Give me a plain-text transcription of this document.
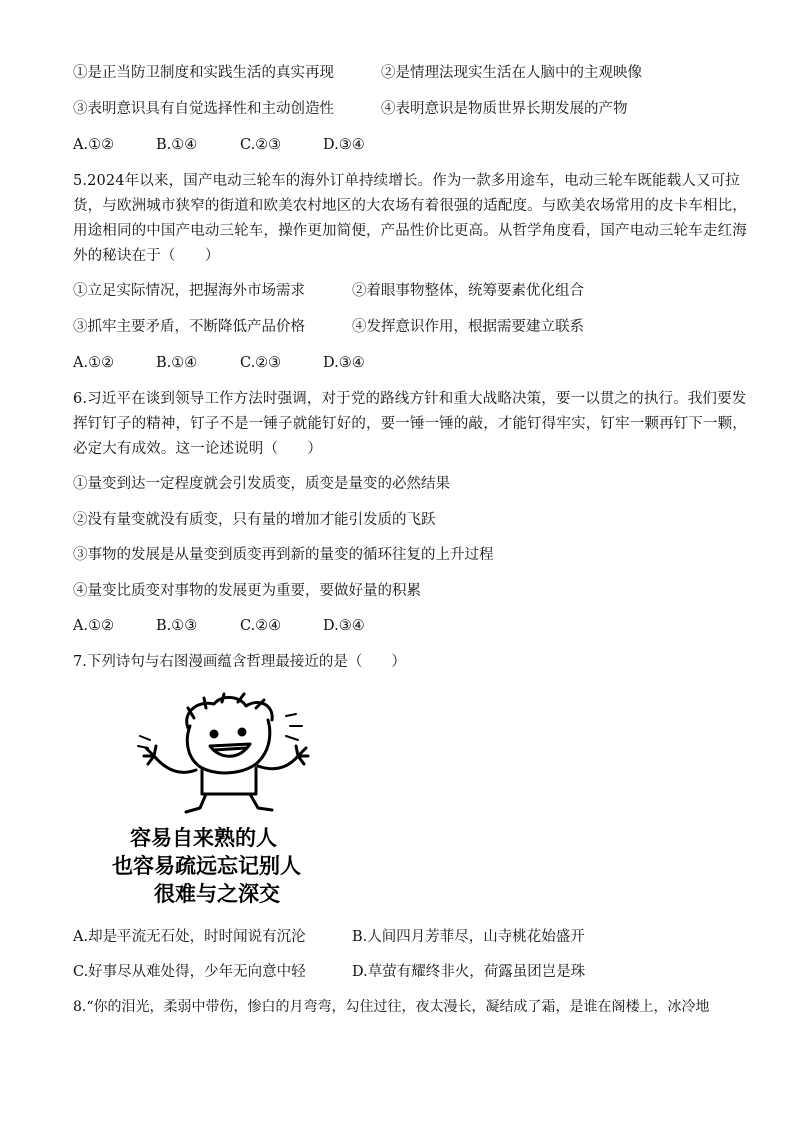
①是正当防卫制度和实践生活的真实再现	②是情理法现实生活在人脑中的主观映像
③表明意识具有自觉选择性和主动创造性	④表明意识是物质世界长期发展的产物
A.①②	B.①④	C.②③	D.③④
5.2024年以来，国产电动三轮车的海外订单持续增长。作为一款多用途车，电动三轮车既能载人又可拉
货，与欧洲城市狭窄的街道和欧美农村地区的大农场有着很强的适配度。与欧美农场常用的皮卡车相比，
用途相同的中国产电动三轮车，操作更加简便，产品性价比更高。从哲学角度看，国产电动三轮车走红海
外的秘诀在于（　　）
①立足实际情况，把握海外市场需求	②着眼事物整体，统筹要素优化组合
③抓牢主要矛盾，不断降低产品价格	④发挥意识作用，根据需要建立联系
A.①②	B.①④	C.②③	D.③④
6.习近平在谈到领导工作方法时强调，对于党的路线方针和重大战略决策，要一以贯之的执行。我们要发
挥钉钉子的精神，钉子不是一锤子就能钉好的，要一锤一锤的敲，才能钉得牢实，钉牢一颗再钉下一颗，
必定大有成效。这一论述说明（　　）
①量变到达一定程度就会引发质变，质变是量变的必然结果
②没有量变就没有质变，只有量的增加才能引发质的飞跃
③事物的发展是从量变到质变再到新的量变的循环往复的上升过程
④量变比质变对事物的发展更为重要，要做好量的积累
A.①②	B.①③	C.②④	D.③④
7.下列诗句与右图漫画蕴含哲理最接近的是（　　）
容易自来熟的人
也容易疏远忘记别人
很难与之深交
A.却是平流无石处，时时闻说有沉沦	B.人间四月芳菲尽，山寺桃花始盛开
C.好事尽从难处得，少年无向意中轻	D.草萤有耀终非火，荷露虽团岂是珠
8.“你的泪光，柔弱中带伤，惨白的月弯弯，勾住过往，夜太漫长，凝结成了霜，是谁在阁楼上，冰冷地
